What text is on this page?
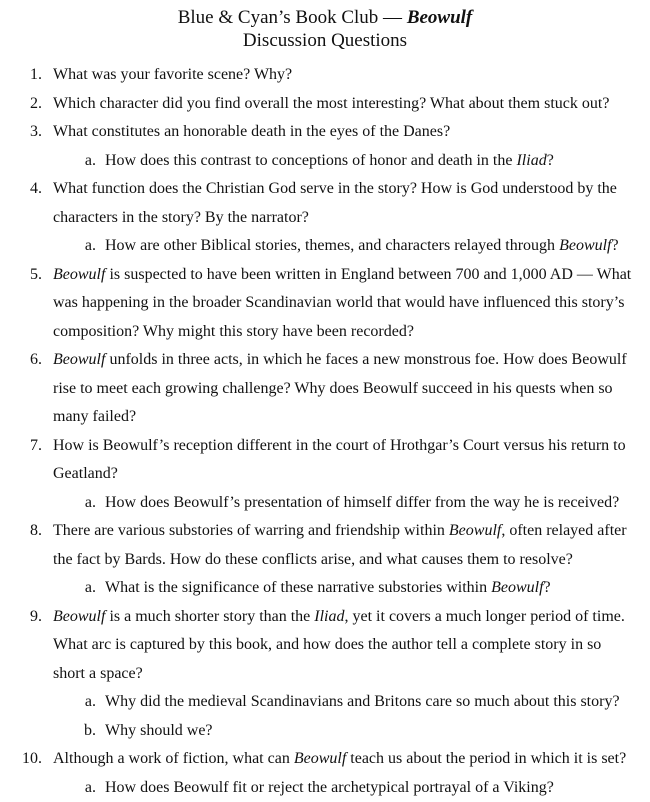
Blue & Cyan’s Book Club — Beowulf
Discussion Questions
1. What was your favorite scene? Why?
2. Which character did you find overall the most interesting? What about them stuck out?
3. What constitutes an honorable death in the eyes of the Danes?
a. How does this contrast to conceptions of honor and death in the Iliad?
4. What function does the Christian God serve in the story? How is God understood by the characters in the story? By the narrator?
a. How are other Biblical stories, themes, and characters relayed through Beowulf?
5. Beowulf is suspected to have been written in England between 700 and 1,000 AD — What was happening in the broader Scandinavian world that would have influenced this story’s composition? Why might this story have been recorded?
6. Beowulf unfolds in three acts, in which he faces a new monstrous foe. How does Beowulf rise to meet each growing challenge? Why does Beowulf succeed in his quests when so many failed?
7. How is Beowulf’s reception different in the court of Hrothgar’s Court versus his return to Geatland?
a. How does Beowulf’s presentation of himself differ from the way he is received?
8. There are various substories of warring and friendship within Beowulf, often relayed after the fact by Bards. How do these conflicts arise, and what causes them to resolve?
a. What is the significance of these narrative substories within Beowulf?
9. Beowulf is a much shorter story than the Iliad, yet it covers a much longer period of time. What arc is captured by this book, and how does the author tell a complete story in so short a space?
a. Why did the medieval Scandinavians and Britons care so much about this story?
b. Why should we?
10. Although a work of fiction, what can Beowulf teach us about the period in which it is set?
a. How does Beowulf fit or reject the archetypical portrayal of a Viking?
